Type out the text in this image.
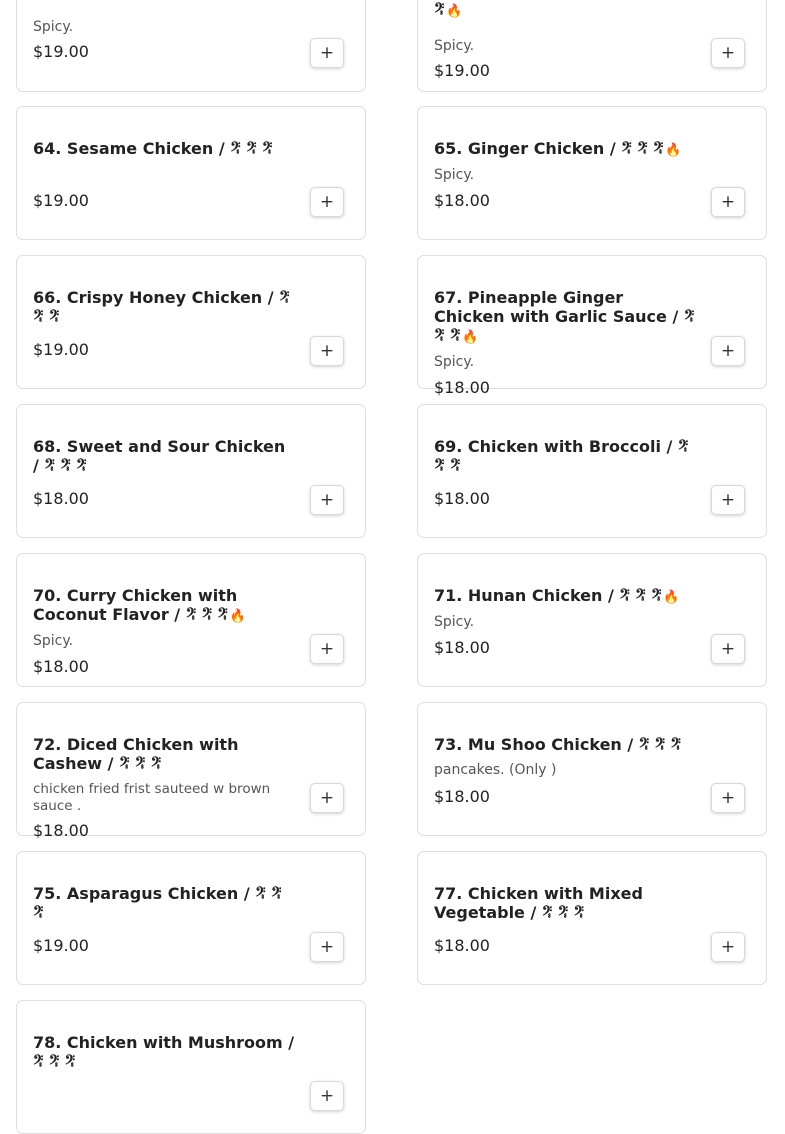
Spicy.
$19.00	+
𝄤 🔥
Spicy.
$19.00
+
64. Sesame Chicken / 𝄤 𝄤 𝄤
$19.00	+
65. Ginger Chicken / 𝄤 𝄤 𝄤 🔥
Spicy.
$18.00	+
66. Crispy Honey Chicken / 𝄤 𝄤 𝄤
$19.00	+
67. Pineapple Ginger Chicken with Garlic Sauce / 𝄤 𝄤 𝄤 🔥
Spicy.
$18.00
+
68. Sweet and Sour Chicken / 𝄤 𝄤 𝄤
$18.00	+
69. Chicken with Broccoli / 𝄤 𝄤 𝄤
$18.00	+
70. Curry Chicken with Coconut Flavor / 𝄤 𝄤 𝄤 🔥
Spicy.
$18.00
+
71. Hunan Chicken / 𝄤 𝄤 𝄤 🔥
Spicy.
$18.00	+
72. Diced Chicken with Cashew / 𝄤 𝄤 𝄤
chicken fried frist sauteed w brown sauce .
$18.00
+
73. Mu Shoo Chicken / 𝄤 𝄤 𝄤
pancakes. (Only )
$18.00	+
75. Asparagus Chicken / 𝄤 𝄤 𝄤
$19.00	+
77. Chicken with Mixed Vegetable / 𝄤 𝄤 𝄤
$18.00	+
78. Chicken with Mushroom / 𝄤 𝄤 𝄤
+
